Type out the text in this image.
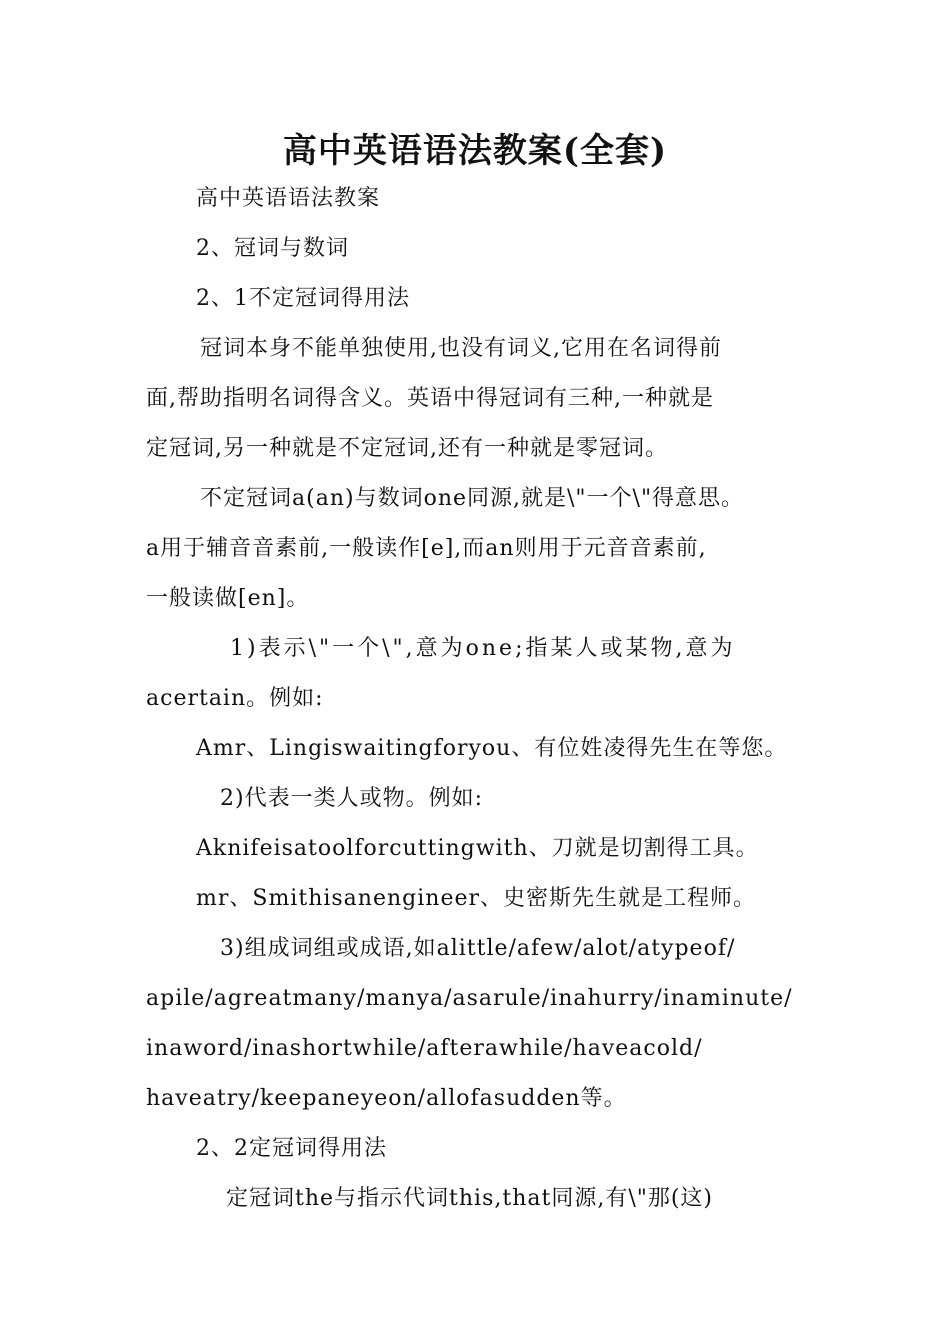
高中英语语法教案(全套)
高中英语语法教案
2、冠词与数词
2、1不定冠词得用法
冠词本身不能单独使用,也没有词义,它用在名词得前
面,帮助指明名词得含义。英语中得冠词有三种,一种就是
定冠词,另一种就是不定冠词,还有一种就是零冠词。
不定冠词a(an)与数词one同源,就是\"一个\"得意思。
a用于辅音音素前,一般读作[e],而an则用于元音音素前,
一般读做[en]。
1)表示\"一个\",意为one;指某人或某物,意为
acertain。例如:
Amr、Lingiswaitingforyou、有位姓凌得先生在等您。
2)代表一类人或物。例如:
Aknifeisatoolforcuttingwith、刀就是切割得工具。
mr、Smithisanengineer、史密斯先生就是工程师。
3)组成词组或成语,如alittle/afew/alot/atypeof/
apile/agreatmany/manya/asarule/inahurry/inaminute/
inaword/inashortwhile/afterawhile/haveacold/
haveatry/keepaneyeon/allofasudden等。
2、2定冠词得用法
定冠词the与指示代词this,that同源,有\"那(这)
